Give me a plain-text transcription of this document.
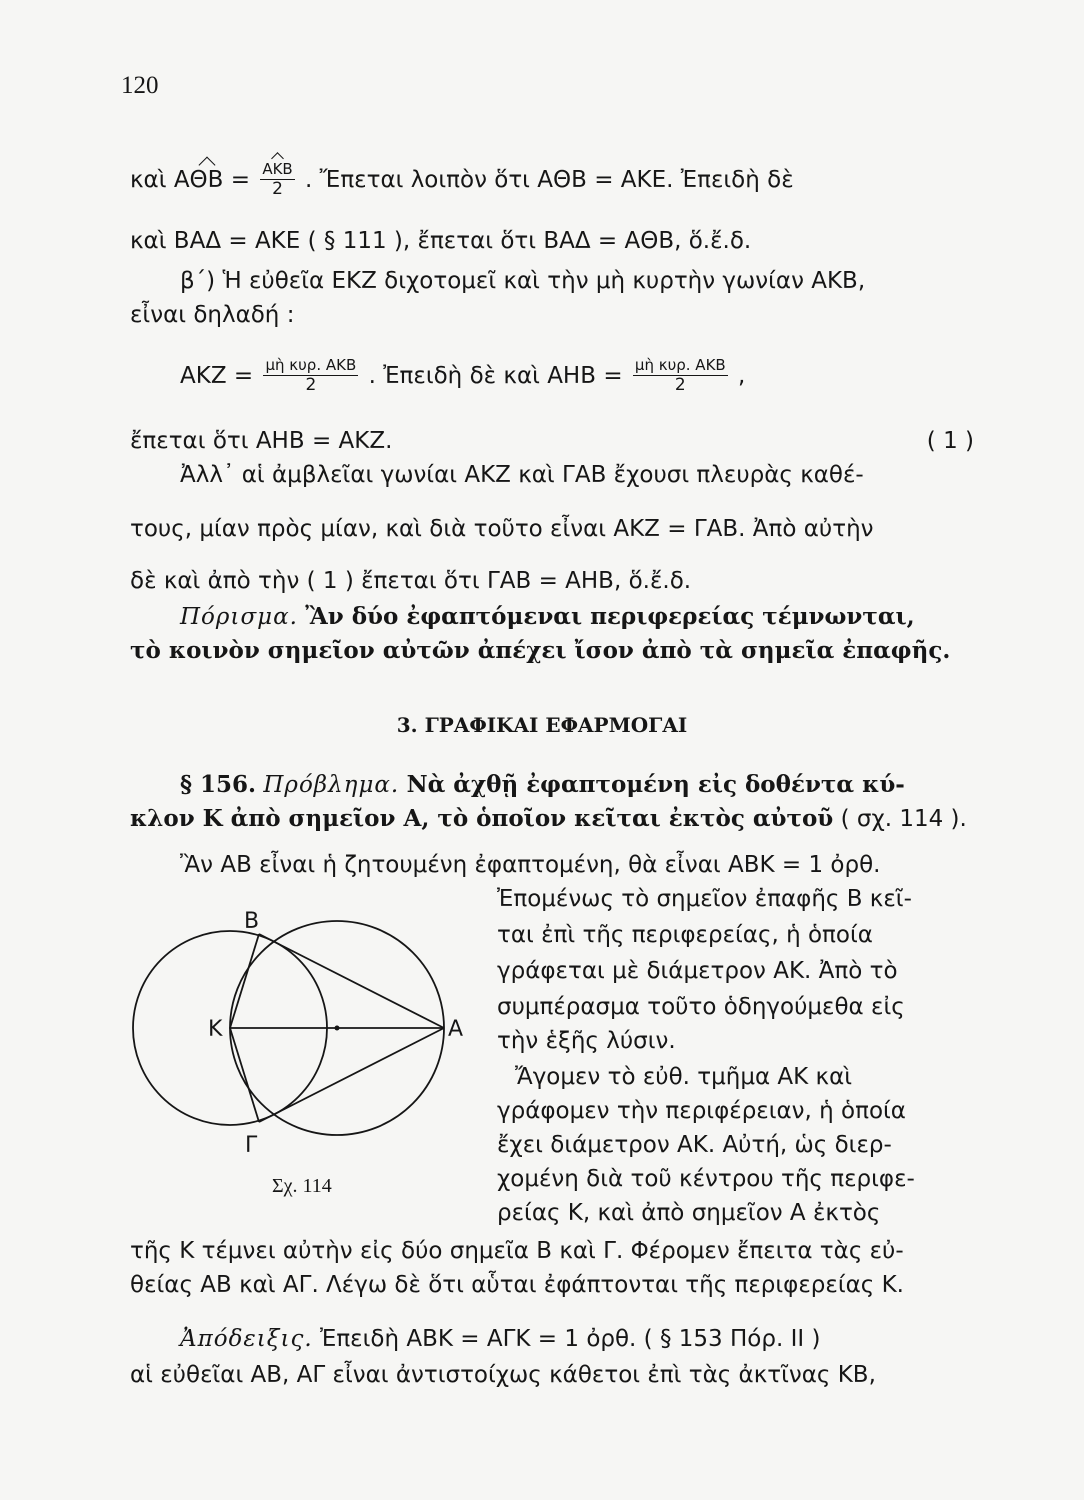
120
καὶ $A\Theta B = \frac{\text{ΑΚΒ}}{2}$ . Ἔπεται λοιπὸν ὅτι ΑΘΒ = ΑΚΕ. Ἐπειδὴ δὲ
καὶ ΒΑΔ = ΑΚΕ ( § 111 ), ἔπεται ὅτι ΒΑΔ = ΑΘΒ, ὅ.ἔ.δ.
β΄) Ἡ εὐθεῖα ΕΚΖ διχοτομεῖ καὶ τὴν μὴ κυρτὴν γωνίαν ΑΚΒ,
εἶναι δηλαδή :
$AKZ = \frac{\text{μὴ κυρ. ΑΚΒ}}{2}$ . Ἐπειδὴ δὲ καὶ $AHB = \frac{\text{μὴ κυρ. ΑΚΒ}}{2}$ ,
ἔπεται ὅτι ΑΗΒ = ΑΚΖ.	( 1 )
Ἀλλ᾽ αἱ ἀμβλεῖαι γωνίαι ΑΚΖ καὶ ΓΑΒ ἔχουσι πλευρὰς καθέ-
τους, μίαν πρὸς μίαν, καὶ διὰ τοῦτο εἶναι ΑΚΖ = ΓΑΒ. Ἀπὸ αὐτὴν
δὲ καὶ ἀπὸ τὴν ( 1 ) ἔπεται ὅτι ΓΑΒ = ΑΗΒ, ὅ.ἔ.δ.
Πόρισμα. Ἂν δύο ἐφαπτόμεναι περιφερείας τέμνωνται,
τὸ κοινὸν σημεῖον αὐτῶν ἀπέχει ἴσον ἀπὸ τὰ σημεῖα ἐπαφῆς.
3. ΓΡΑΦΙΚΑΙ ΕΦΑΡΜΟΓΑΙ
§ 156. Πρόβλημα. Νὰ ἀχθῇ ἐφαπτομένη εἰς δοθέντα κύ-
κλον Κ ἀπὸ σημεῖον Α, τὸ ὁποῖον κεῖται ἐκτὸς αὐτοῦ ( σχ. 114 ).
Ἂν ΑΒ εἶναι ἡ ζητουμένη ἐφαπτομένη, θὰ εἶναι ΑΒΚ = 1 ὀρθ.
Ἐπομένως τὸ σημεῖον ἐπαφῆς Β κεῖ-
ται ἐπὶ τῆς περιφερείας, ἡ ὁποία
γράφεται μὲ διάμετρον ΑΚ. Ἀπὸ τὸ
συμπέρασμα τοῦτο ὁδηγούμεθα εἰς
τὴν ἑξῆς λύσιν.
Ἄγομεν τὸ εὐθ. τμῆμα ΑΚ καὶ
γράφομεν τὴν περιφέρειαν, ἡ ὁποία
ἔχει διάμετρον ΑΚ. Αὐτή, ὡς διερ-
χομένη διὰ τοῦ κέντρου τῆς περιφε-
ρείας Κ, καὶ ἀπὸ σημεῖον Α ἐκτὸς
Β
Κ	Α
Γ
Σχ. 114
τῆς Κ τέμνει αὐτὴν εἰς δύο σημεῖα Β καὶ Γ. Φέρομεν ἔπειτα τὰς εὐ-
θείας ΑΒ καὶ ΑΓ. Λέγω δὲ ὅτι αὗται ἐφάπτονται τῆς περιφερείας Κ.
Ἀπόδειξις. Ἐπειδὴ ΑΒΚ = ΑΓΚ = 1 ὀρθ. ( § 153 Πόρ. ΙΙ )
αἱ εὐθεῖαι ΑΒ, ΑΓ εἶναι ἀντιστοίχως κάθετοι ἐπὶ τὰς ἀκτῖνας ΚΒ,
